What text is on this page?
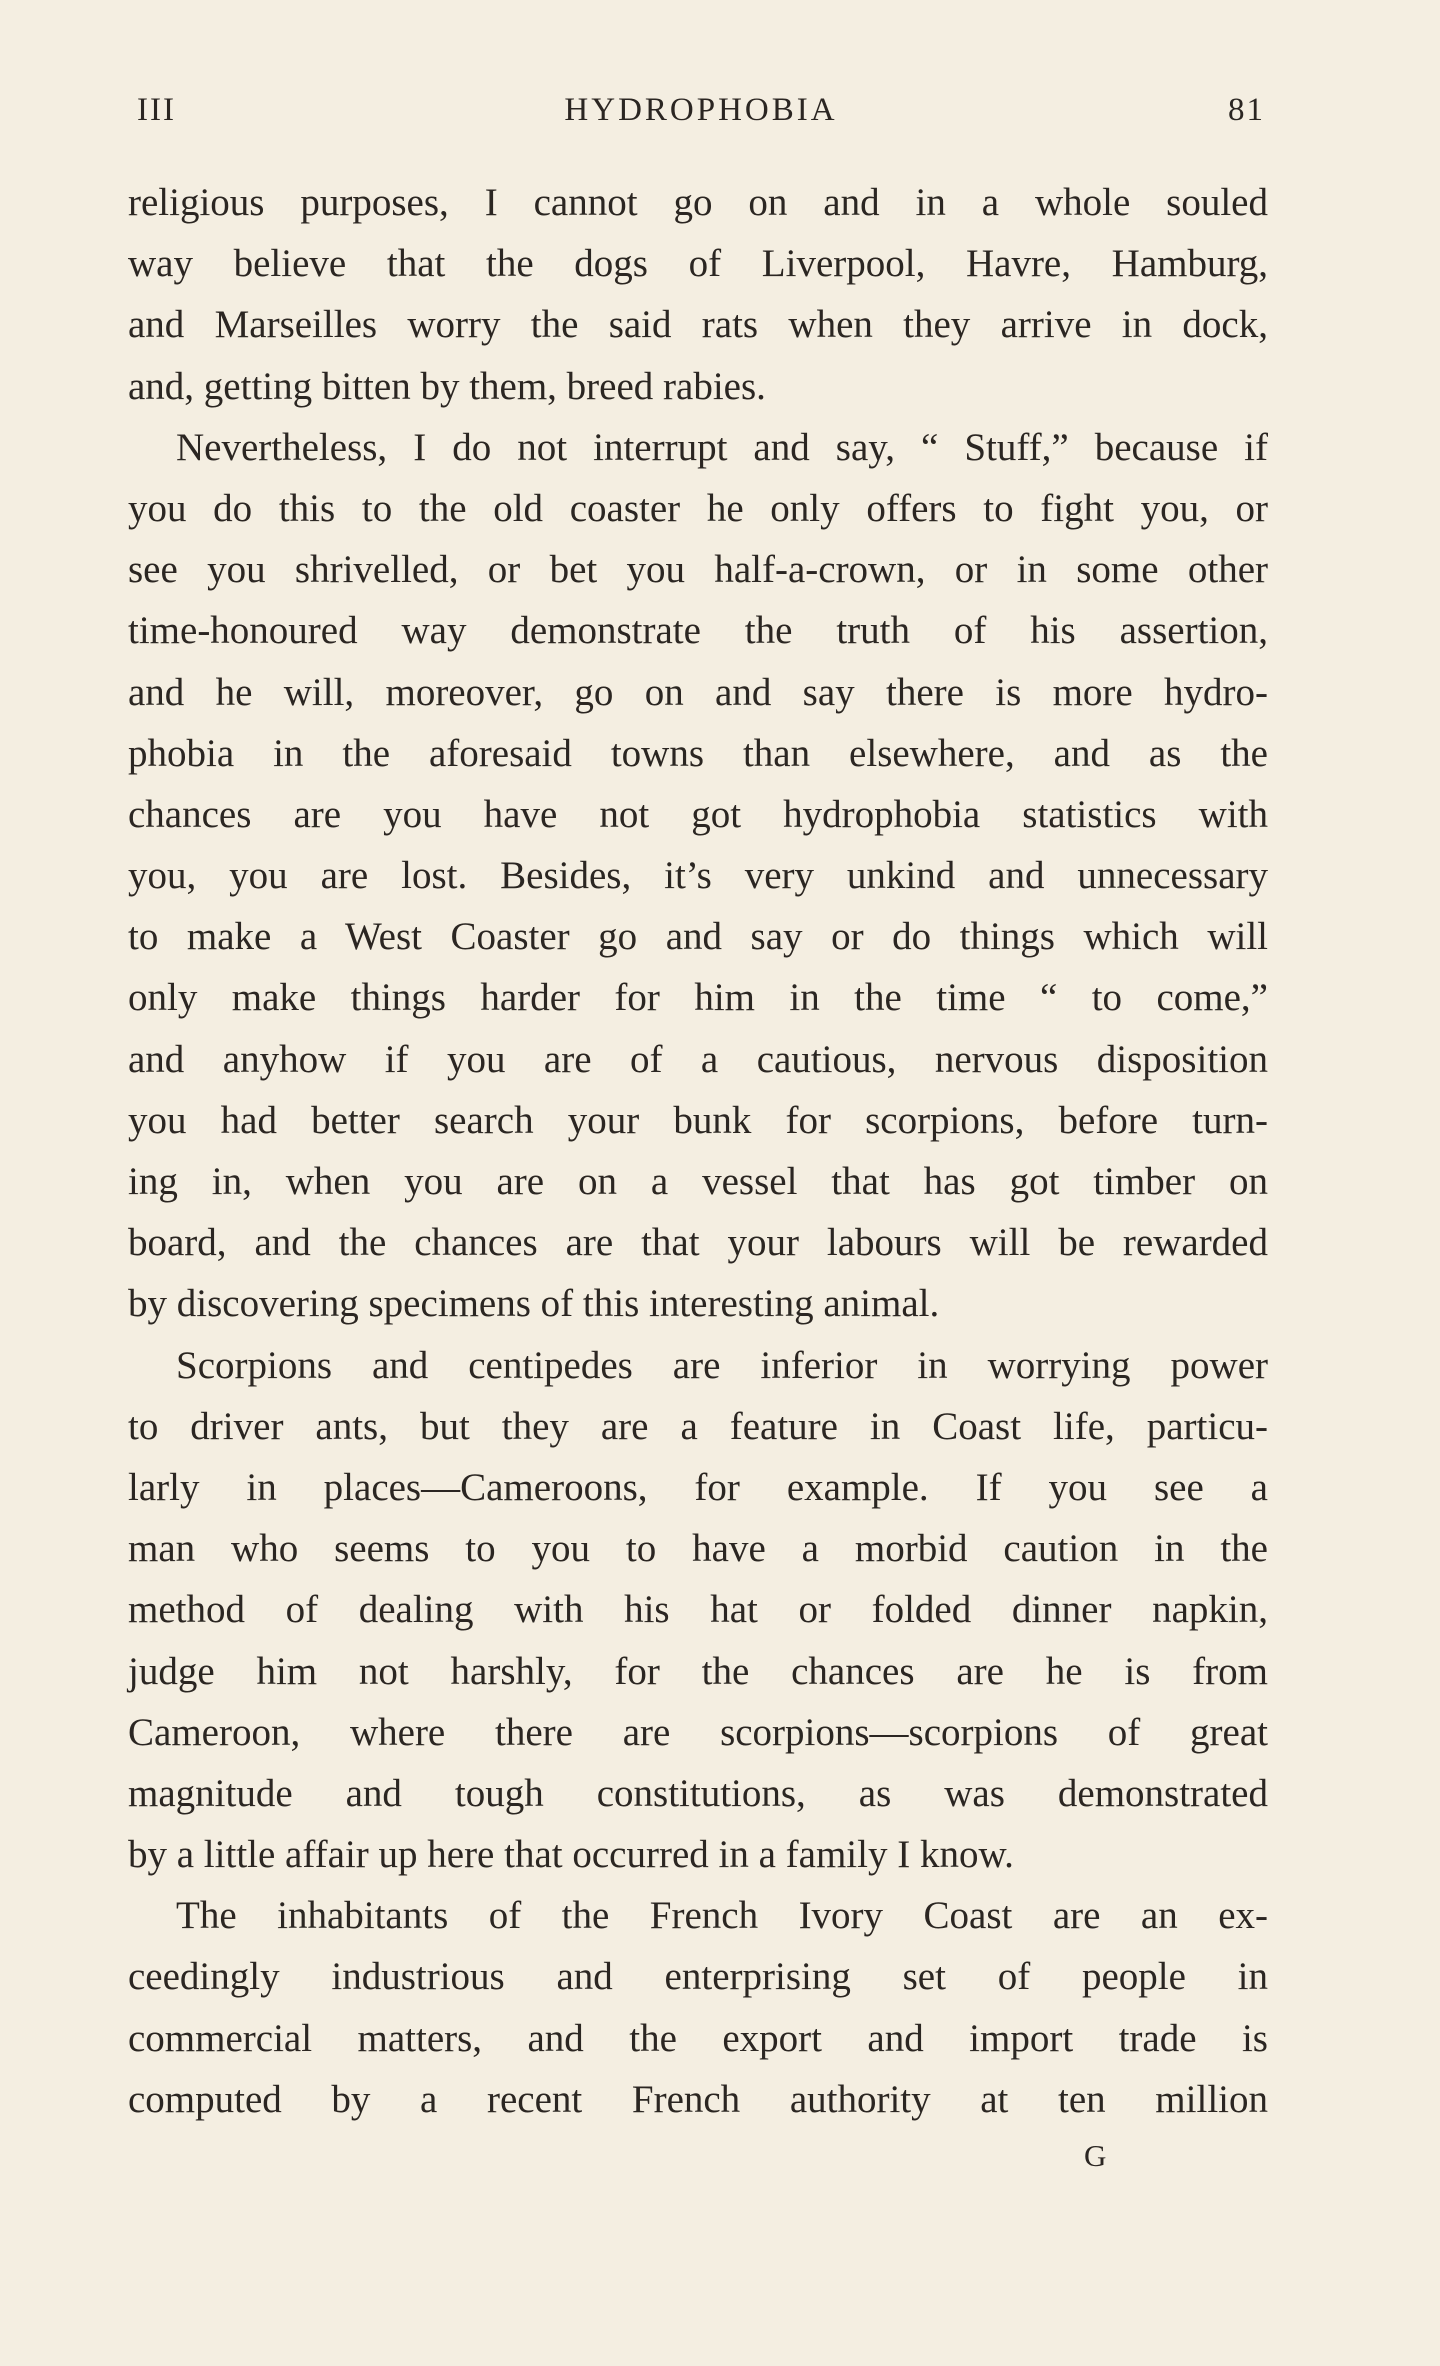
III	HYDROPHOBIA	81
religious purposes, I cannot go on and in a whole souled
way believe that the dogs of Liverpool, Havre, Hamburg,
and Marseilles worry the said rats when they arrive in dock,
and, getting bitten by them, breed rabies.
Nevertheless, I do not interrupt and say, “ Stuff,” because if
you do this to the old coaster he only offers to fight you, or
see you shrivelled, or bet you half-a-crown, or in some other
time-honoured way demonstrate the truth of his assertion,
and he will, moreover, go on and say there is more hydro-
phobia in the aforesaid towns than elsewhere, and as the
chances are you have not got hydrophobia statistics with
you, you are lost. Besides, it’s very unkind and unnecessary
to make a West Coaster go and say or do things which will
only make things harder for him in the time “ to come,”
and anyhow if you are of a cautious, nervous disposition
you had better search your bunk for scorpions, before turn-
ing in, when you are on a vessel that has got timber on
board, and the chances are that your labours will be rewarded
by discovering specimens of this interesting animal.
Scorpions and centipedes are inferior in worrying power
to driver ants, but they are a feature in Coast life, particu-
larly in places—Cameroons, for example. If you see a
man who seems to you to have a morbid caution in the
method of dealing with his hat or folded dinner napkin,
judge him not harshly, for the chances are he is from
Cameroon, where there are scorpions—scorpions of great
magnitude and tough constitutions, as was demonstrated
by a little affair up here that occurred in a family I know.
The inhabitants of the French Ivory Coast are an ex-
ceedingly industrious and enterprising set of people in
commercial matters, and the export and import trade is
computed by a recent French authority at ten million
G
